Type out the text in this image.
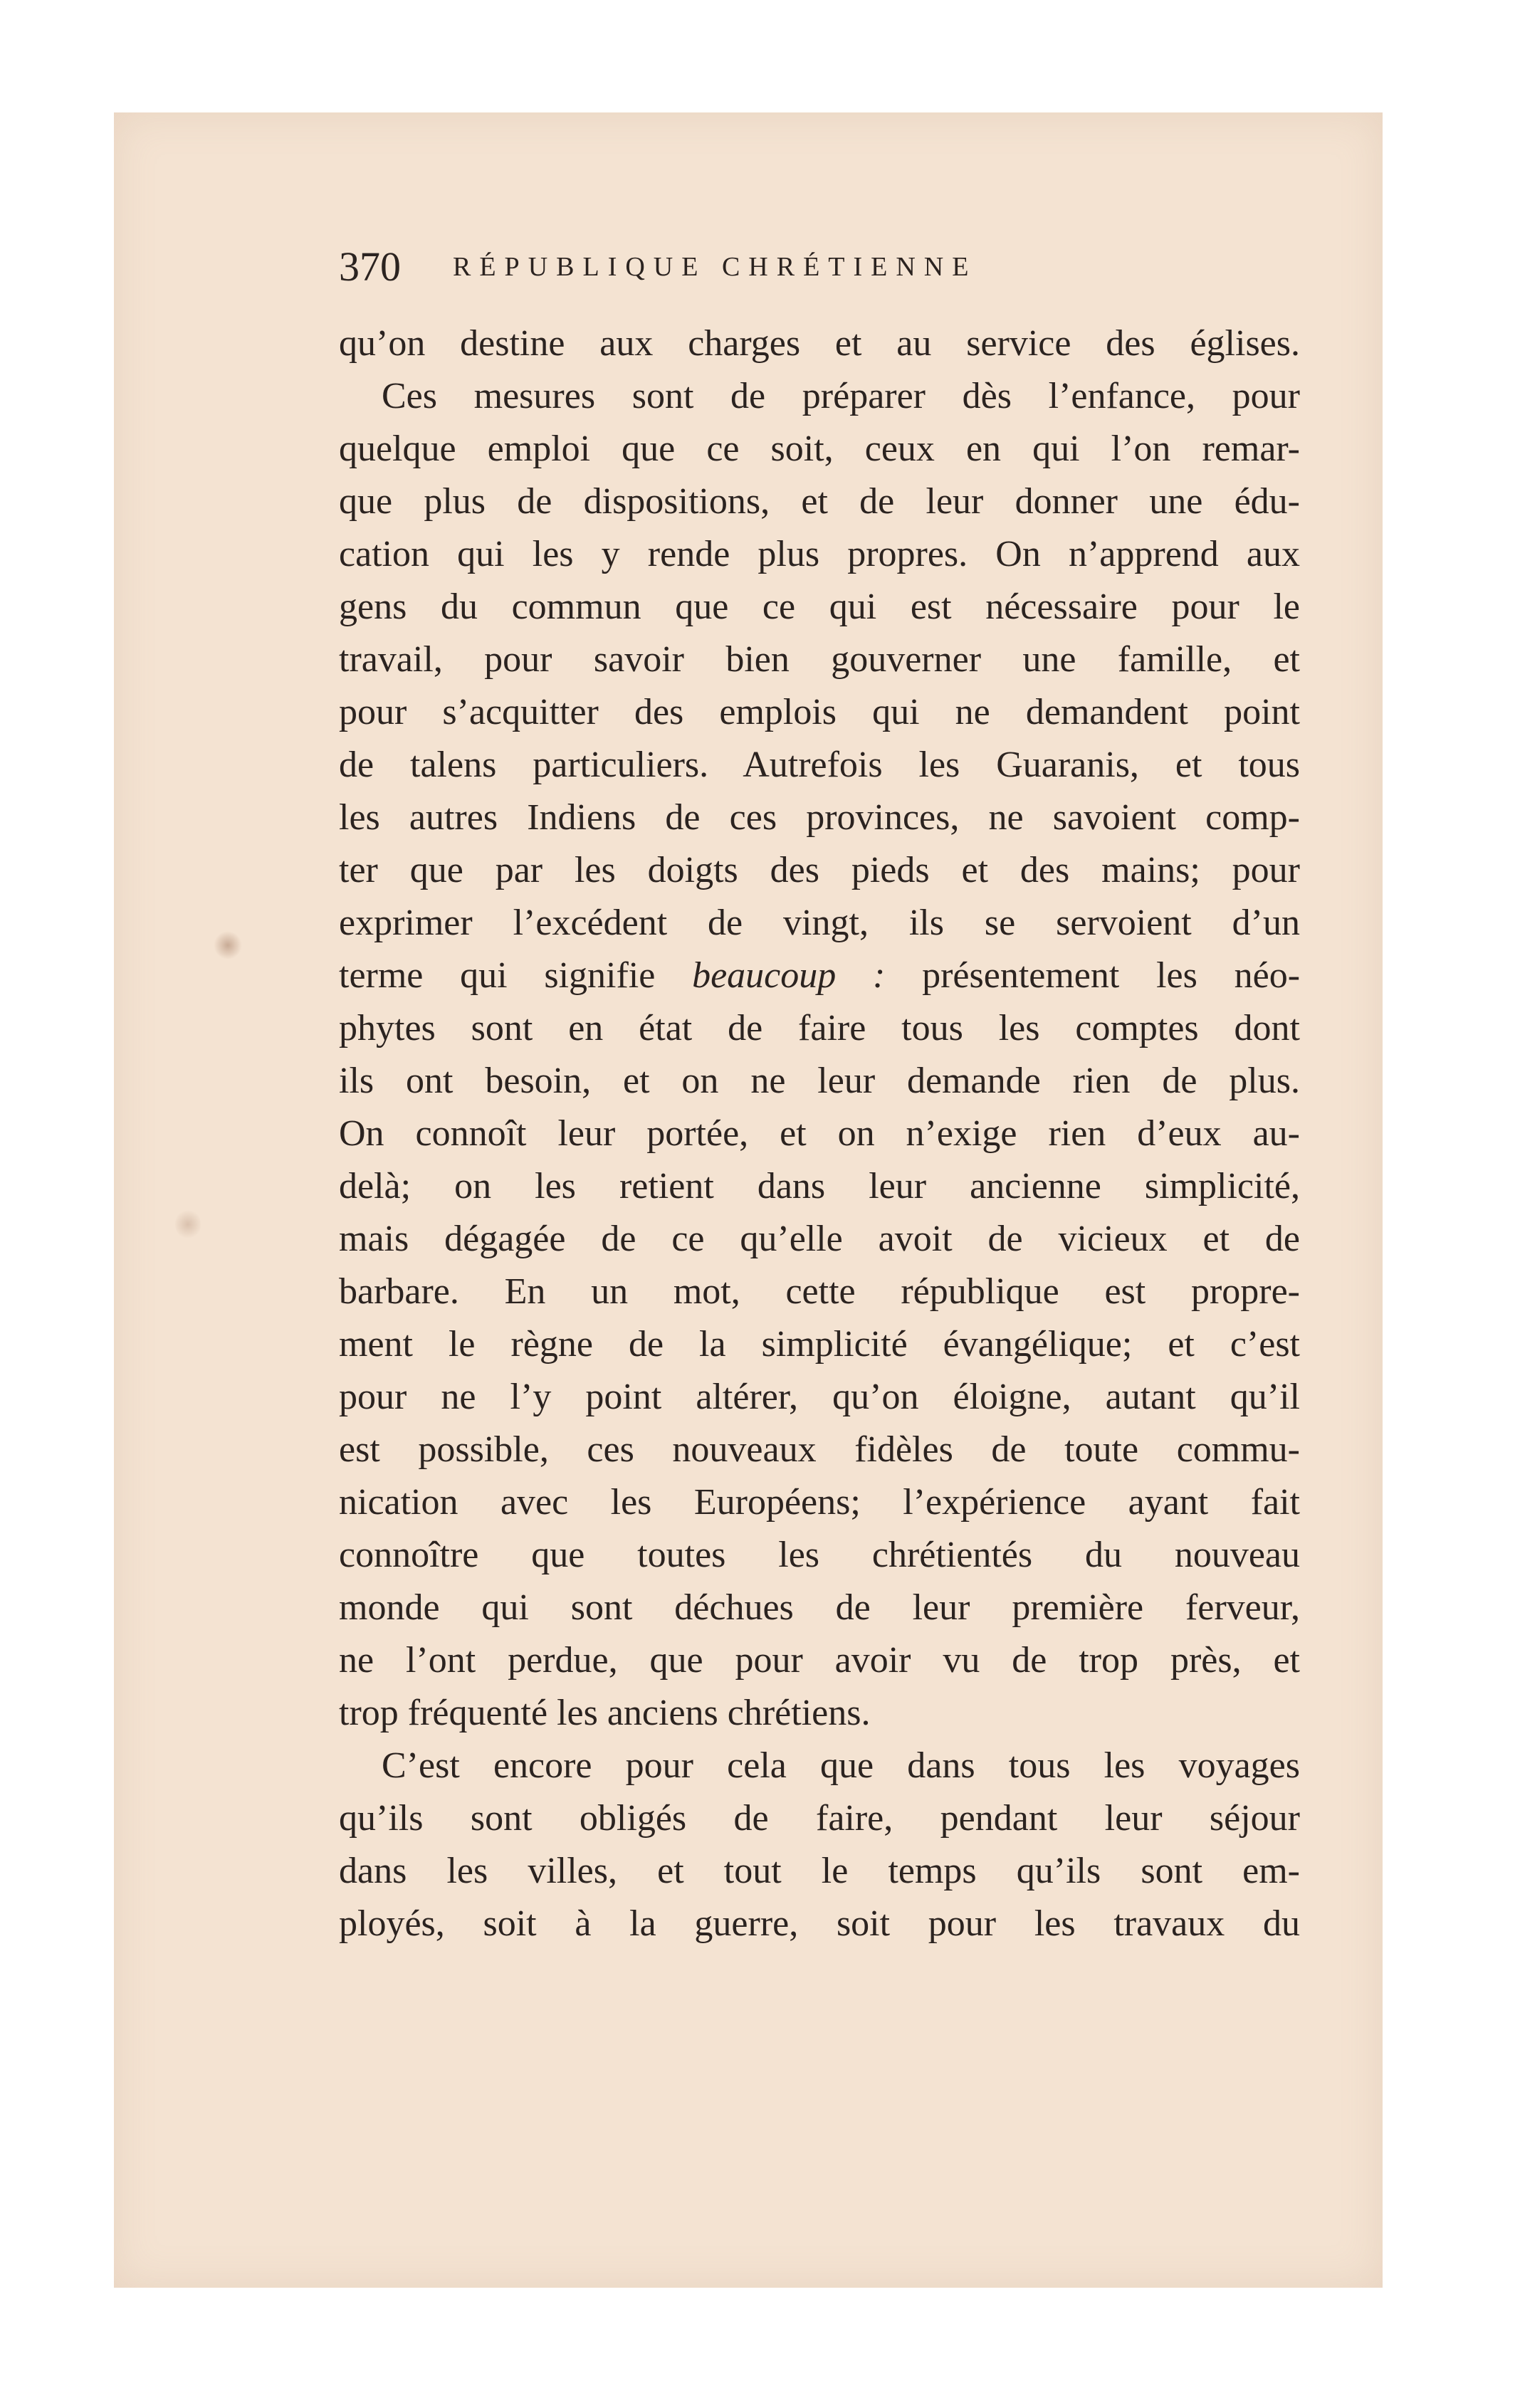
370 RÉPUBLIQUE CHRÉTIENNE
qu’on destine aux charges et au service des églises.
Ces mesures sont de préparer dès l’enfance, pour
quelque emploi que ce soit, ceux en qui l’on remar-
que plus de dispositions, et de leur donner une édu-
cation qui les y rende plus propres. On n’apprend aux
gens du commun que ce qui est nécessaire pour le
travail, pour savoir bien gouverner une famille, et
pour s’acquitter des emplois qui ne demandent point
de talens particuliers. Autrefois les Guaranis, et tous
les autres Indiens de ces provinces, ne savoient comp-
ter que par les doigts des pieds et des mains; pour
exprimer l’excédent de vingt, ils se servoient d’un
terme qui signifie beaucoup : présentement les néo-
phytes sont en état de faire tous les comptes dont
ils ont besoin, et on ne leur demande rien de plus.
On connoît leur portée, et on n’exige rien d’eux au-
delà; on les retient dans leur ancienne simplicité,
mais dégagée de ce qu’elle avoit de vicieux et de
barbare. En un mot, cette république est propre-
ment le règne de la simplicité évangélique; et c’est
pour ne l’y point altérer, qu’on éloigne, autant qu’il
est possible, ces nouveaux fidèles de toute commu-
nication avec les Européens; l’expérience ayant fait
connoître que toutes les chrétientés du nouveau
monde qui sont déchues de leur première ferveur,
ne l’ont perdue, que pour avoir vu de trop près, et
trop fréquenté les anciens chrétiens.
C’est encore pour cela que dans tous les voyages
qu’ils sont obligés de faire, pendant leur séjour
dans les villes, et tout le temps qu’ils sont em-
ployés, soit à la guerre, soit pour les travaux du
